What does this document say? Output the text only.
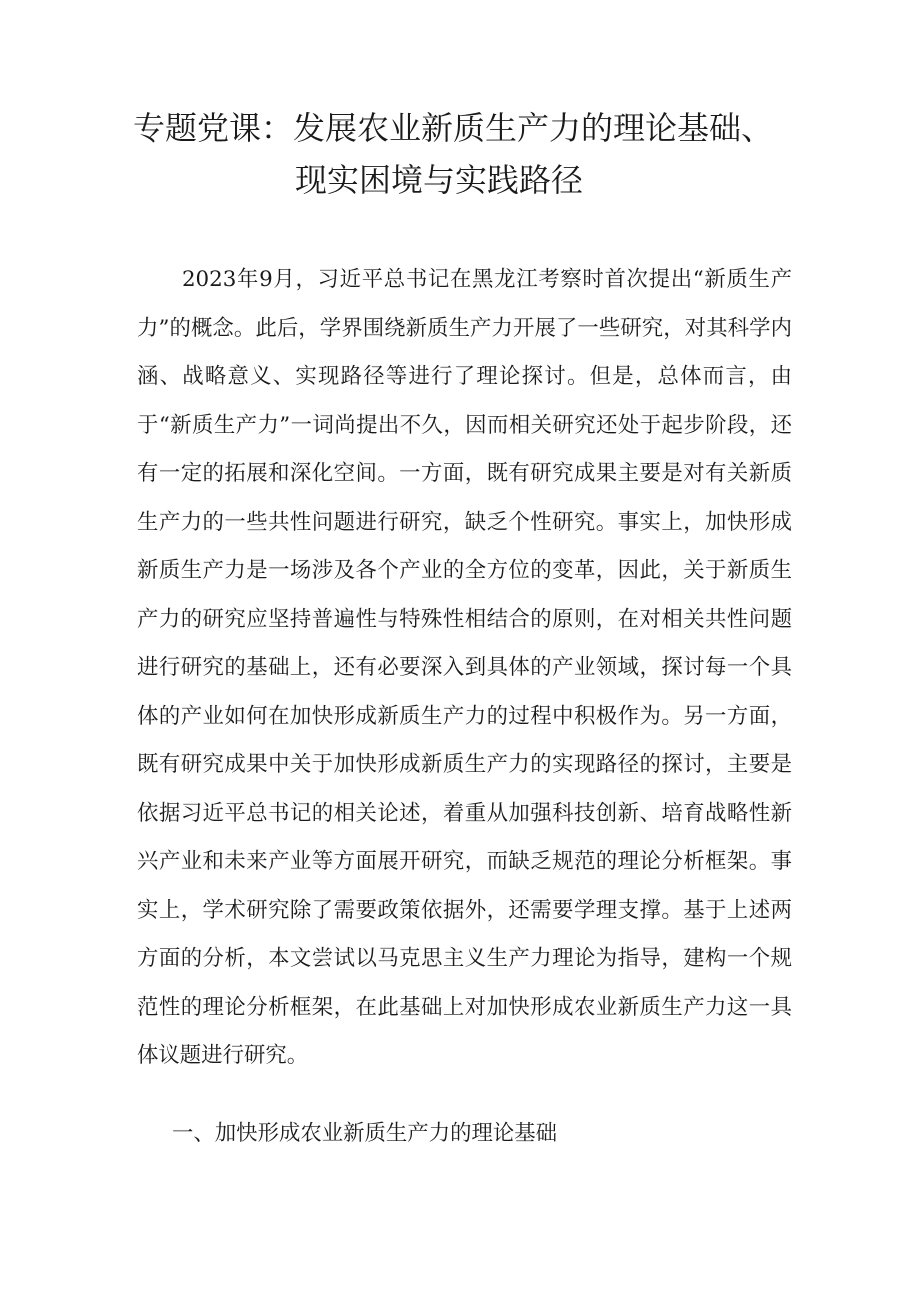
专题党课：发展农业新质生产力的理论基础、
现实困境与实践路径

2023年9月，习近平总书记在黑龙江考察时首次提出“新质生产力”的概念。此后，学界围绕新质生产力开展了一些研究，对其科学内涵、战略意义、实现路径等进行了理论探讨。但是，总体而言，由于“新质生产力”一词尚提出不久，因而相关研究还处于起步阶段，还有一定的拓展和深化空间。一方面，既有研究成果主要是对有关新质生产力的一些共性问题进行研究，缺乏个性研究。事实上，加快形成新质生产力是一场涉及各个产业的全方位的变革，因此，关于新质生产力的研究应坚持普遍性与特殊性相结合的原则，在对相关共性问题进行研究的基础上，还有必要深入到具体的产业领域，探讨每一个具体的产业如何在加快形成新质生产力的过程中积极作为。另一方面，既有研究成果中关于加快形成新质生产力的实现路径的探讨，主要是依据习近平总书记的相关论述，着重从加强科技创新、培育战略性新兴产业和未来产业等方面展开研究，而缺乏规范的理论分析框架。事实上，学术研究除了需要政策依据外，还需要学理支撑。基于上述两方面的分析，本文尝试以马克思主义生产力理论为指导，建构一个规范性的理论分析框架，在此基础上对加快形成农业新质生产力这一具体议题进行研究。

一、加快形成农业新质生产力的理论基础
